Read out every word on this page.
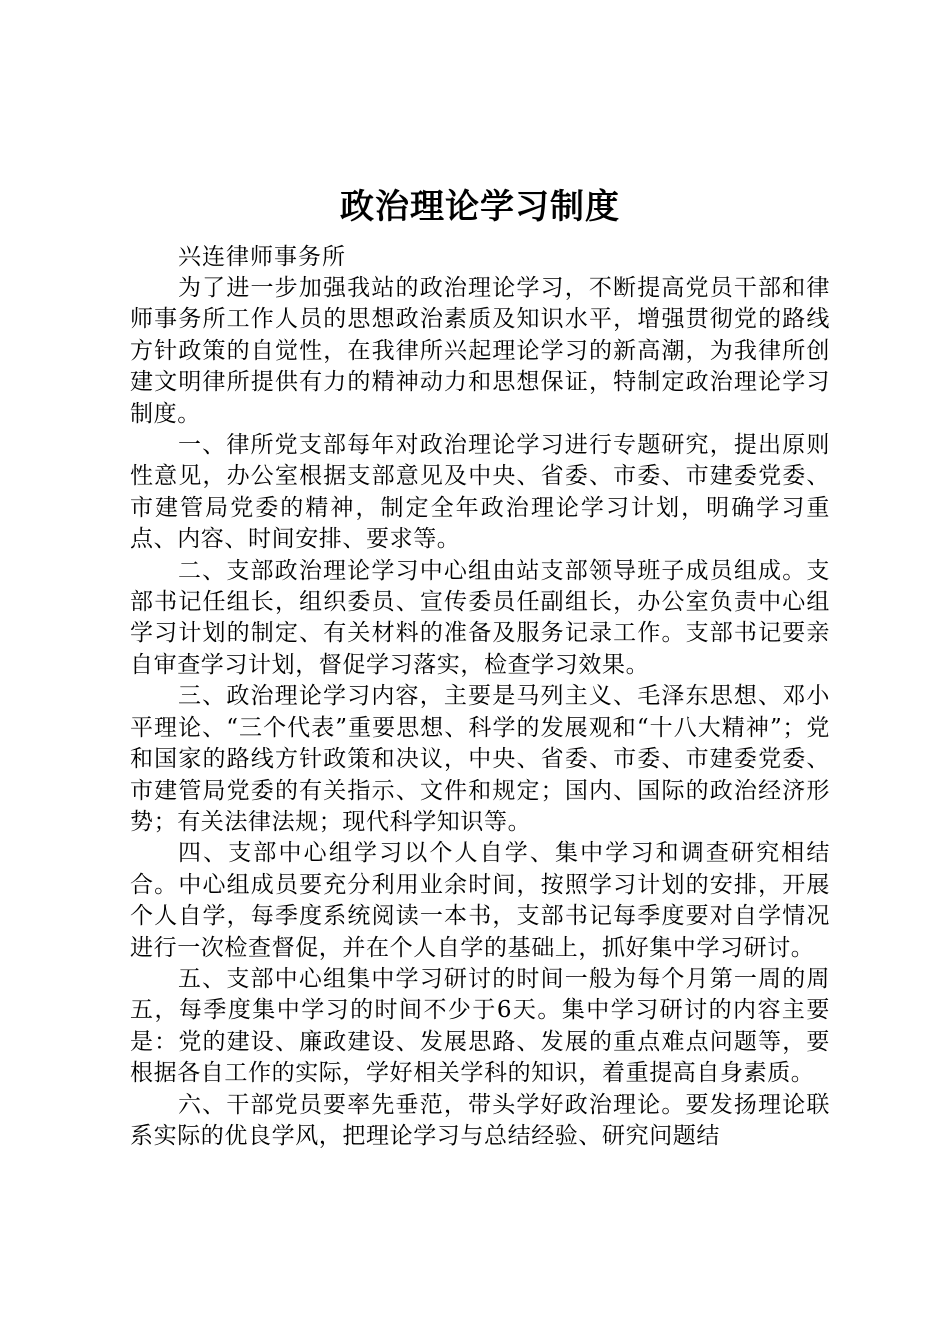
政治理论学习制度

兴连律师事务所

为了进一步加强我站的政治理论学习，不断提高党员干部和律师事务所工作人员的思想政治素质及知识水平，增强贯彻党的路线方针政策的自觉性，在我律所兴起理论学习的新高潮，为我律所创建文明律所提供有力的精神动力和思想保证，特制定政治理论学习制度。

一、律所党支部每年对政治理论学习进行专题研究，提出原则性意见，办公室根据支部意见及中央、省委、市委、市建委党委、市建管局党委的精神，制定全年政治理论学习计划，明确学习重点、内容、时间安排、要求等。

二、支部政治理论学习中心组由站支部领导班子成员组成。支部书记任组长，组织委员、宣传委员任副组长，办公室负责中心组学习计划的制定、有关材料的准备及服务记录工作。支部书记要亲自审查学习计划，督促学习落实，检查学习效果。

三、政治理论学习内容，主要是马列主义、毛泽东思想、邓小平理论、“三个代表”重要思想、科学的发展观和“十八大精神”；党和国家的路线方针政策和决议，中央、省委、市委、市建委党委、市建管局党委的有关指示、文件和规定；国内、国际的政治经济形势；有关法律法规；现代科学知识等。

四、支部中心组学习以个人自学、集中学习和调查研究相结合。中心组成员要充分利用业余时间，按照学习计划的安排，开展个人自学，每季度系统阅读一本书，支部书记每季度要对自学情况进行一次检查督促，并在个人自学的基础上，抓好集中学习研讨。

五、支部中心组集中学习研讨的时间一般为每个月第一周的周五，每季度集中学习的时间不少于6天。集中学习研讨的内容主要是：党的建设、廉政建设、发展思路、发展的重点难点问题等，要根据各自工作的实际，学好相关学科的知识，着重提高自身素质。

六、干部党员要率先垂范，带头学好政治理论。要发扬理论联系实际的优良学风，把理论学习与总结经验、研究问题结
